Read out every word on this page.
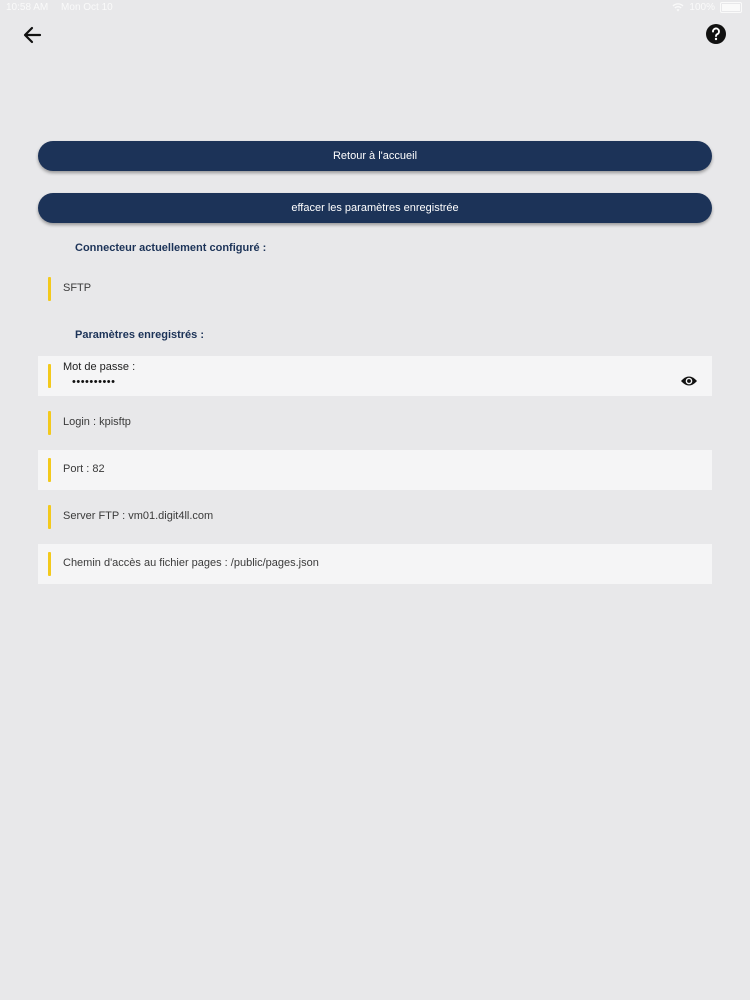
10:58 AM Mon Oct 10	100%
Retour à l'accueil
effacer les paramètres enregistrée
Connecteur actuellement configuré :
SFTP
Paramètres enregistrés :
Mot de passe :
••••••••••
Login : kpisftp
Port : 82
Server FTP : vm01.digit4ll.com
Chemin d'accès au fichier pages : /public/pages.json
